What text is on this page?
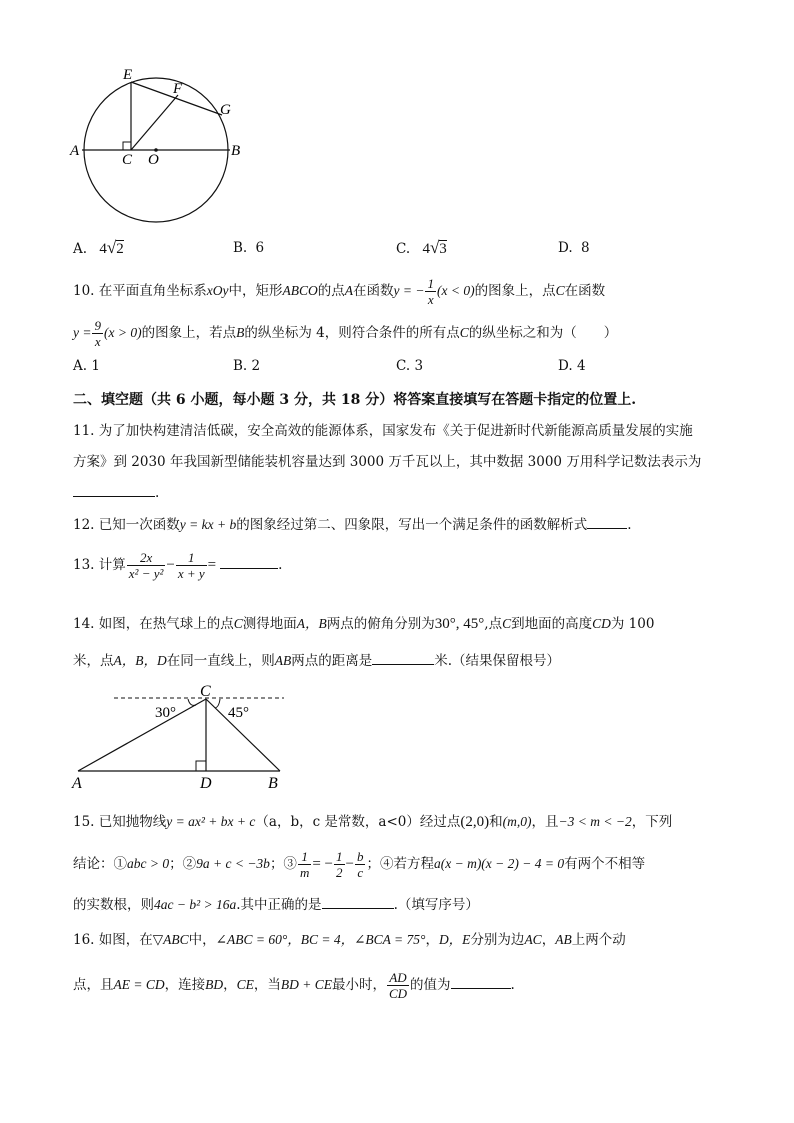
E
F
G
A
C O
B
A. 4√2	B. 6	C. 4√3	D. 8
10. 在平面直角坐标系xOy中，矩形ABCO的点A在函数y = − $\frac{1}{x} (x < 0)$的图象上，点C在函数
$y = \frac{9}{x} (x > 0)$的图象上，若点B的纵坐标为 4，则符合条件的所有点C的纵坐标之和为（　　）
A. 1	B. 2	C. 3	D. 4
二、填空题（共 6 小题，每小题 3 分，共 18 分）将答案直接填写在答题卡指定的位置上.
11. 为了加快构建清洁低碳，安全高效的能源体系，国家发布《关于促进新时代新能源高质量发展的实施
方案》到 2030 年我国新型储能装机容量达到 3000 万千瓦以上，其中数据 3000 万用科学记数法表示为
.
12. 已知一次函数y = kx + b的图象经过第二、四象限，写出一个满足条件的函数解析式	.
13. 计算 $\frac{2x}{\text{x² − y²}} - \frac{1}{x + y}$ =	.
14. 如图，在热气球上的点C测得地面A，B两点的俯角分别为30°, 45°,点C到地面的高度CD为 100
米，点A，B，D在同一直线上，则AB两点的距离是	米.（结果保留根号）
C
30°	45°
A	D	B
15. 已知抛物线y = ax² + bx + c（a，b，c 是常数，a<0）经过点(2,0)和(m,0)，且−3 < m < −2，下列
结论：①abc > 0；②9a + c < −3b；③ $\frac{1}{m}$ = − $\frac{1}{2} - \frac{b}{c}$ ；④若方程a(x − m)(x − 2) − 4 = 0有两个不相等
的实数根，则4ac − b² > 16a.其中正确的是	.（填写序号）
16. 如图，在▽ABC中，∠ABC = 60°，BC = 4，∠BCA = 75°，D，E分别为边AC，AB上两个动
点，且AE = CD，连接BD，CE，当BD + CE最小时， $\frac{AD}{CD}$ 的值为	.
